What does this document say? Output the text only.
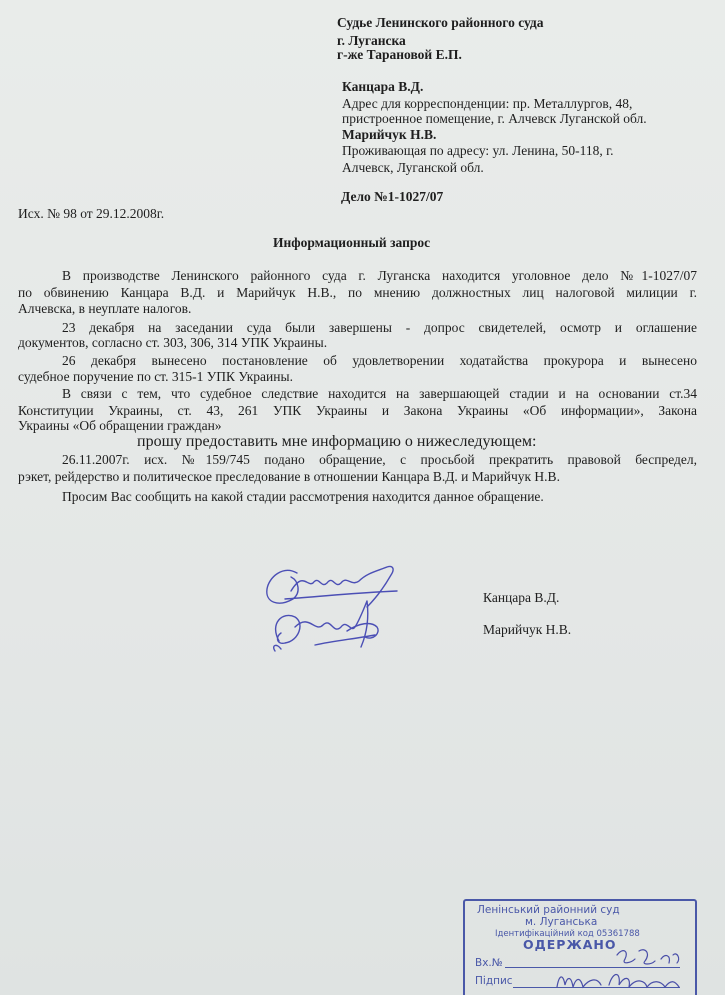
Судье Ленинского районного суда
г. Луганска
г-же Тарановой Е.П.
Канцара В.Д.
Адрес для корреспонденции: пр. Металлургов, 48,
пристроенное помещение, г. Алчевск Луганской обл.
Марийчук Н.В.
Проживающая по адресу: ул. Ленина, 50-118, г.
Алчевск, Луганской обл.
Дело №1-1027/07
Исх. № 98 от 29.12.2008г.
Информационный запрос
В производстве Ленинского районного суда г. Луганска находится уголовное дело №1-1027/07
по обвинению Канцара В.Д. и Марийчук Н.В., по мнению должностных лиц налоговой милиции г.
Алчевска, в неуплате налогов.
23 декабря на заседании суда были завершены - допрос свидетелей, осмотр и оглашение
документов, согласно ст. 303, 306, 314 УПК Украины.
26 декабря вынесено постановление об удовлетворении ходатайства прокурора и вынесено
судебное поручение по ст. 315-1 УПК Украины.
В связи с тем, что судебное следствие находится на завершающей стадии и на основании ст.34
Конституции Украины, ст. 43, 261 УПК Украины и Закона Украины «Об информации», Закона
Украины «Об обращении граждан»
прошу предоставить мне информацию о нижеследующем:
26.11.2007г. исх. №159/745 подано обращение, с просьбой прекратить правовой беспредел,
рэкет, рейдерство и политическое преследование в отношении Канцара В.Д. и Марийчук Н.В.
Просим Вас сообщить на какой стадии рассмотрения находится данное обращение.
Канцара В.Д.
Марийчук Н.В.
Ленінський районний суд
м. Луганська
Ідентифікаційний код 05361788
ОДЕРЖАНО
Вх.№
Підпис
